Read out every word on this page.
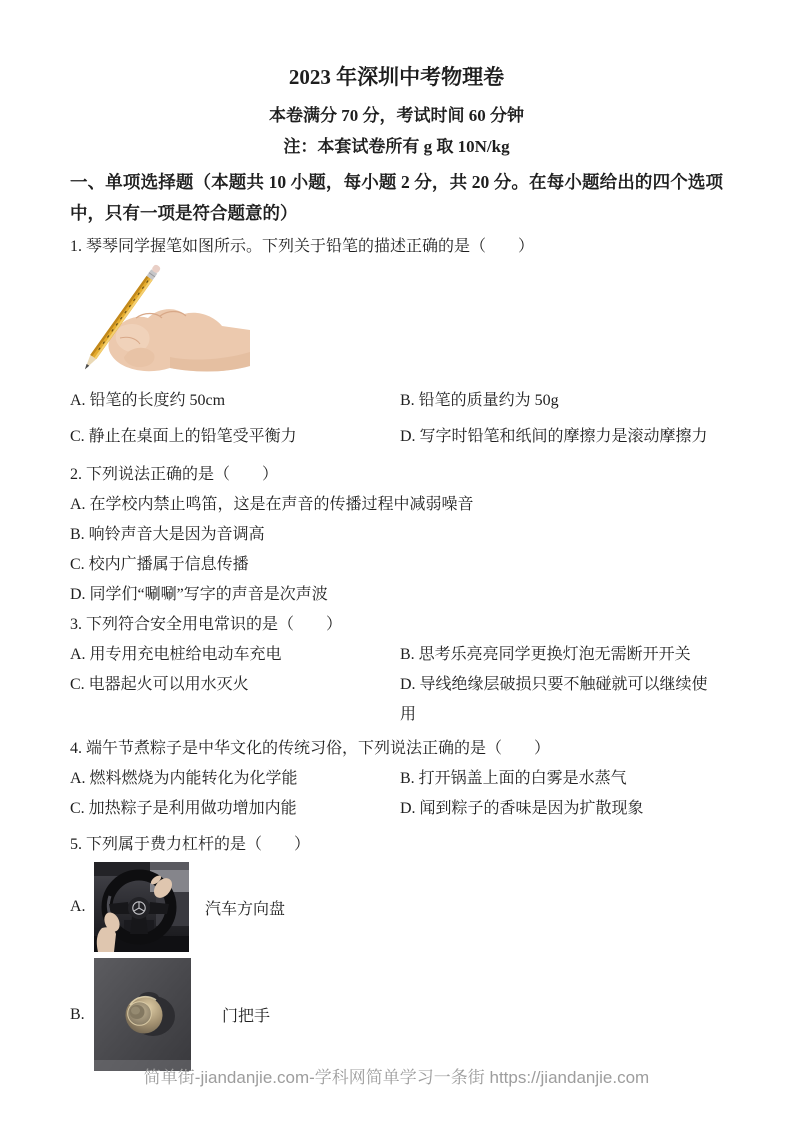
2023 年深圳中考物理卷

本卷满分 70 分，考试时间 60 分钟

注：本套试卷所有 g 取 10N/kg

一、单项选择题（本题共 10 小题，每小题 2 分，共 20 分。在每小题给出的四个选项中，只有一项是符合题意的）

1. 琴琴同学握笔如图所示。下列关于铅笔的描述正确的是（　　）

A. 铅笔的长度约 50cm	B. 铅笔的质量约为 50g
C. 静止在桌面上的铅笔受平衡力	D. 写字时铅笔和纸间的摩擦力是滚动摩擦力

2. 下列说法正确的是（　　）

A. 在学校内禁止鸣笛，这是在声音的传播过程中减弱噪音

B. 响铃声音大是因为音调高

C. 校内广播属于信息传播

D. 同学们“唰唰”写字的声音是次声波

3. 下列符合安全用电常识的是（　　）

A. 用专用充电桩给电动车充电	B. 思考乐亮亮同学更换灯泡无需断开开关
C. 电器起火可以用水灭火	D. 导线绝缘层破损只要不触碰就可以继续使用

4. 端午节煮粽子是中华文化的传统习俗，下列说法正确的是（　　）

A. 燃料燃烧为内能转化为化学能	B. 打开锅盖上面的白雾是水蒸气
C. 加热粽子是利用做功增加内能	D. 闻到粽子的香味是因为扩散现象

5. 下列属于费力杠杆的是（　　）

A.	汽车方向盘
B.	门把手
简单街-jiandanjie.com-学科网简单学习一条街 https://jiandanjie.com
